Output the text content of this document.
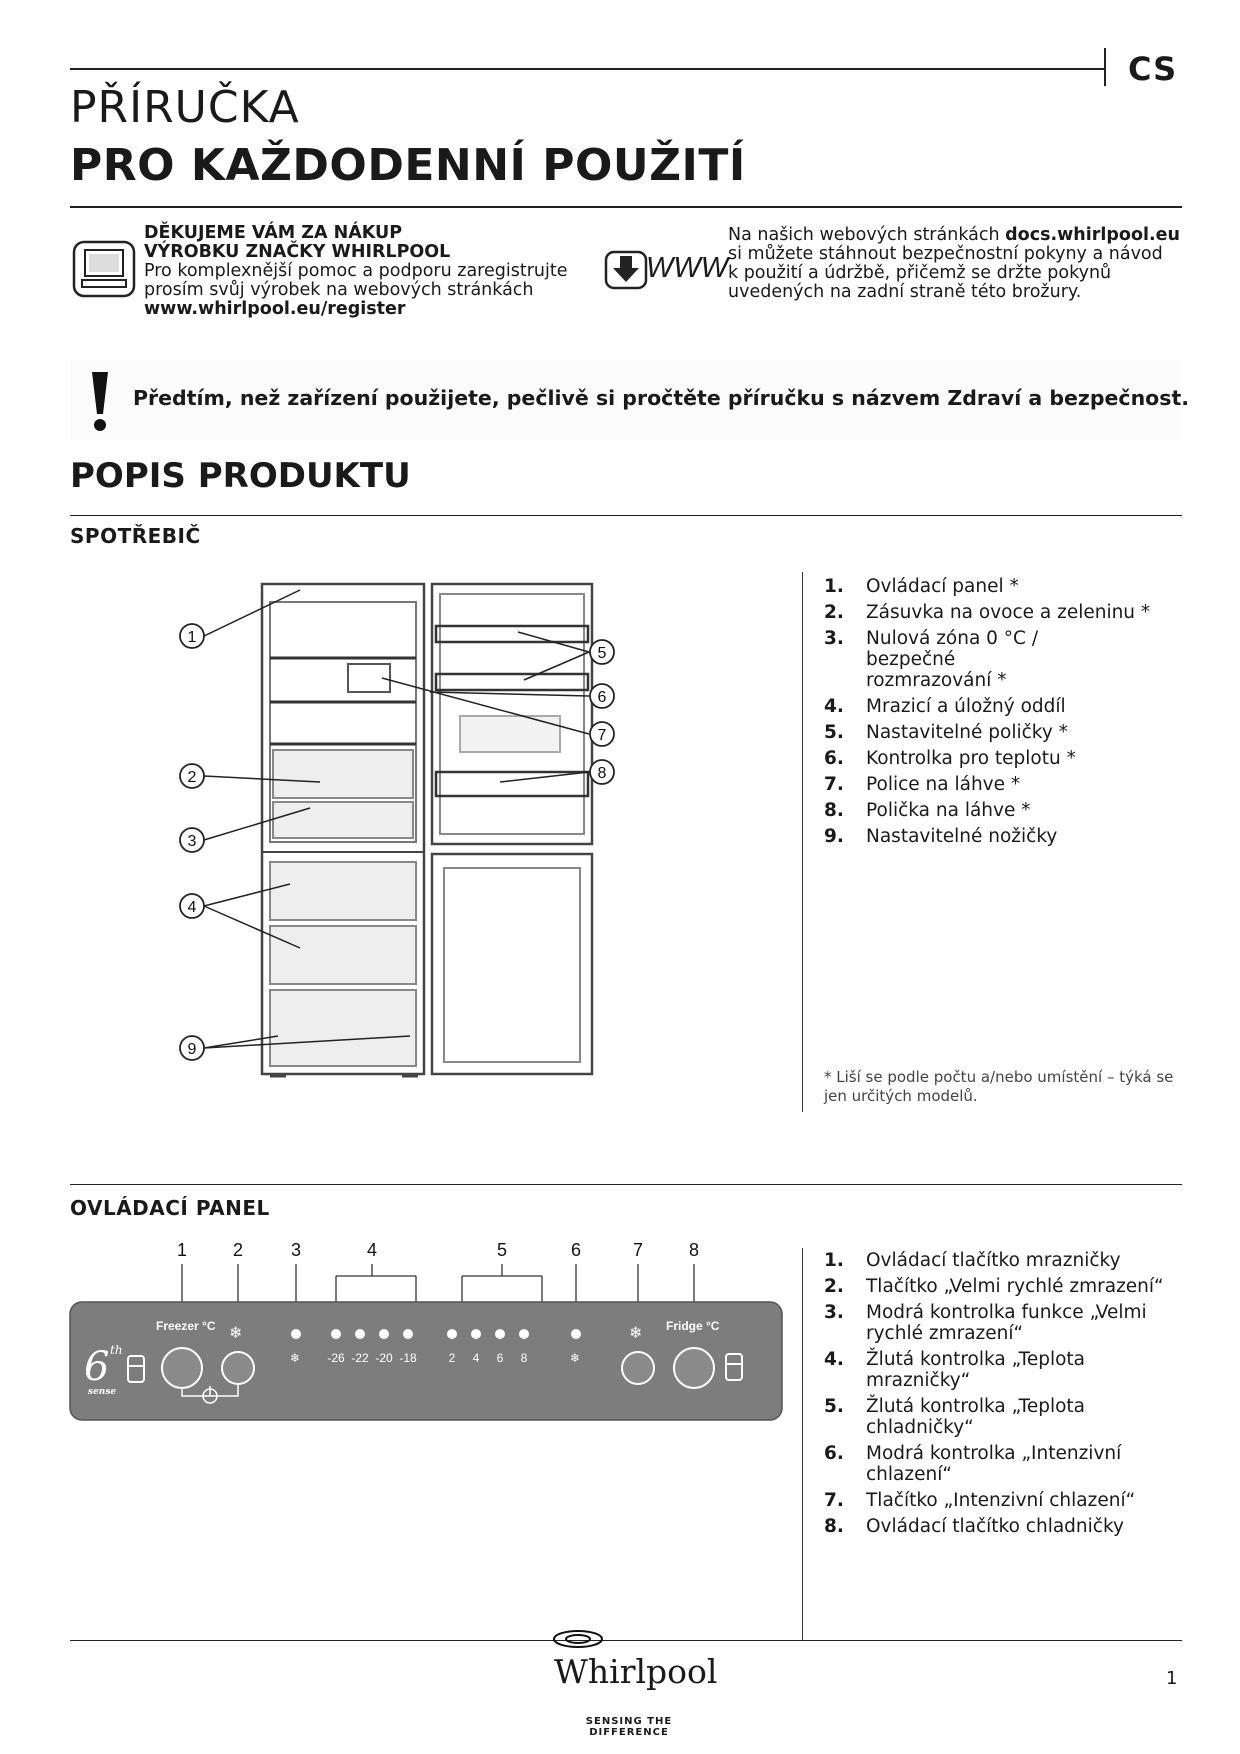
CS
PŘÍRUČKA
PRO KAŽDODENNÍ POUŽITÍ
DĚKUJEME VÁM ZA NÁKUP
VÝROBKU ZNAČKY WHIRLPOOL
Pro komplexnější pomoc a podporu zaregistrujte
prosím svůj výrobek na webových stránkách
www.whirlpool.eu/register
WWW
Na našich webových stránkách docs.whirlpool.eu
si můžete stáhnout bezpečnostní pokyny a návod
k použití a údržbě, přičemž se držte pokynů
uvedených na zadní straně této brožury.
Předtím, než zařízení použijete, pečlivě si pročtěte příručku s názvem Zdraví a bezpečnost.
POPIS PRODUKTU
SPOTŘEBIČ
1
2
3
4
9
5
6
7
8
1. Ovládací panel *
2. Zásuvka na ovoce a zeleninu *
3. Nulová zóna 0 °C / bezpečné rozmrazování *
4. Mrazicí a úložný oddíl
5. Nastavitelné poličky *
6. Kontrolka pro teplotu *
7. Police na láhve *
8. Polička na láhve *
9. Nastavitelné nožičky
* Liší se podle počtu a/nebo umístění – týká se jen určitých modelů.
OVLÁDACÍ PANEL
1	2	3	4	5	6	7	8
6 th
sense
Freezer °C	Fridge °C
❄
-26 -22 -20 -18	2 4 6 8
❄	❄
❄
1. Ovládací tlačítko mrazničky
2. Tlačítko „Velmi rychlé zmrazení“
3. Modrá kontrolka funkce „Velmi rychlé zmrazení“
4. Žlutá kontrolka „Teplota mrazničky“
5. Žlutá kontrolka „Teplota chladničky“
6. Modrá kontrolka „Intenzivní chlazení“
7. Tlačítko „Intenzivní chlazení“
8. Ovládací tlačítko chladničky
Whirlpool
SENSING THE DIFFERENCE
1
